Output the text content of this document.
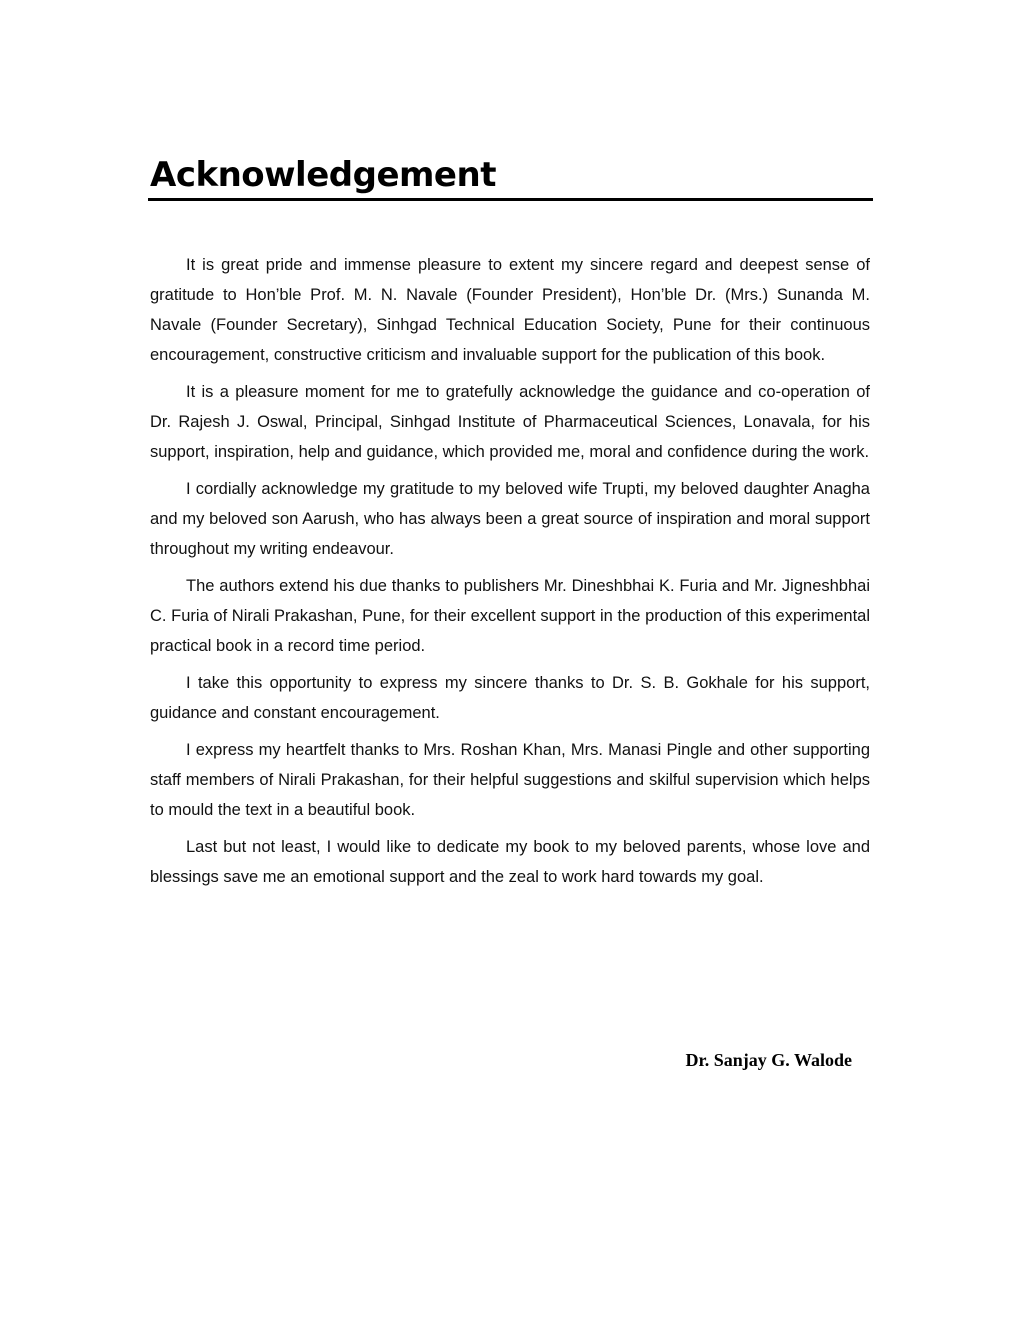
Acknowledgement

It is great pride and immense pleasure to extent my sincere regard and deepest sense of gratitude to Hon’ble Prof. M. N. Navale (Founder President), Hon’ble Dr. (Mrs.) Sunanda M. Navale (Founder Secretary), Sinhgad Technical Education Society, Pune for their continuous encouragement, constructive criticism and invaluable support for the publication of this book.

It is a pleasure moment for me to gratefully acknowledge the guidance and co-operation of Dr. Rajesh J. Oswal, Principal, Sinhgad Institute of Pharmaceutical Sciences, Lonavala, for his support, inspiration, help and guidance, which provided me, moral and confidence during the work.

I cordially acknowledge my gratitude to my beloved wife Trupti, my beloved daughter Anagha and my beloved son Aarush, who has always been a great source of inspiration and moral support throughout my writing endeavour.

The authors extend his due thanks to publishers Mr. Dineshbhai K. Furia and Mr. Jigneshbhai C. Furia of Nirali Prakashan, Pune, for their excellent support in the production of this experimental practical book in a record time period.

I take this opportunity to express my sincere thanks to Dr. S. B. Gokhale for his support, guidance and constant encouragement.

I express my heartfelt thanks to Mrs. Roshan Khan, Mrs. Manasi Pingle and other supporting staff members of Nirali Prakashan, for their helpful suggestions and skilful supervision which helps to mould the text in a beautiful book.

Last but not least, I would like to dedicate my book to my beloved parents, whose love and blessings save me an emotional support and the zeal to work hard towards my goal.

Dr. Sanjay G. Walode
